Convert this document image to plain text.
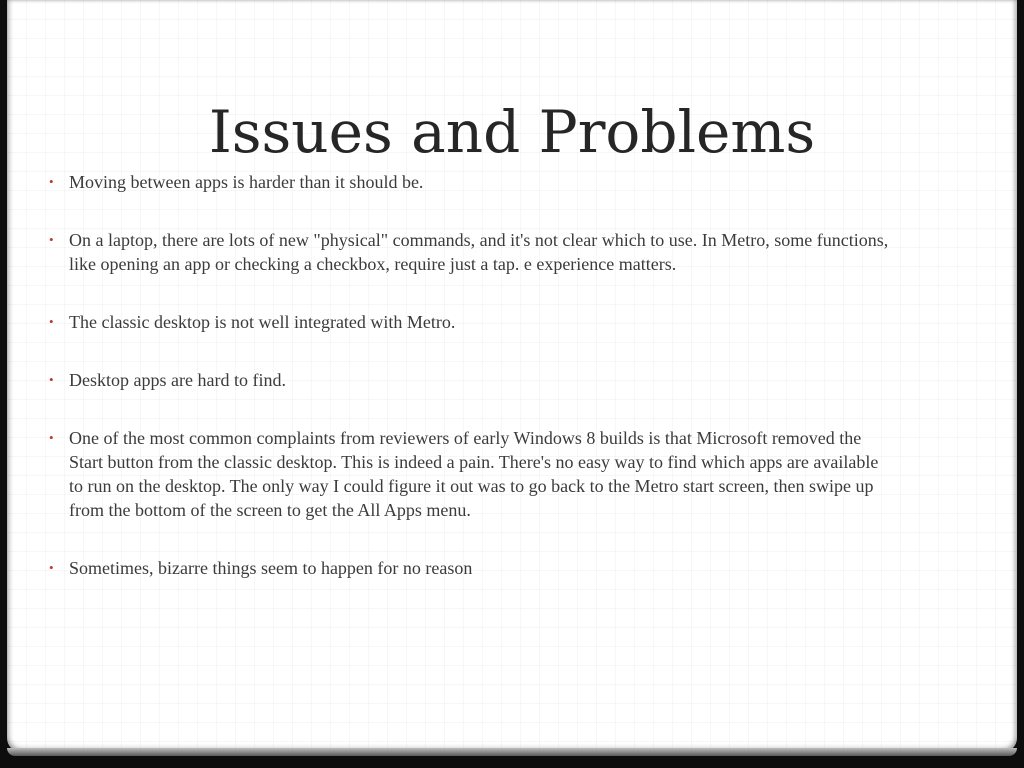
Issues and Problems
• Moving between apps is harder than it should be.
• On a laptop, there are lots of new "physical" commands, and it's not clear which to use. In Metro, some functions, like opening an app or checking a checkbox, require just a tap. e experience matters.
• The classic desktop is not well integrated with Metro.
• Desktop apps are hard to find.
• One of the most common complaints from reviewers of early Windows 8 builds is that Microsoft removed the Start button from the classic desktop. This is indeed a pain. There's no easy way to find which apps are available to run on the desktop. The only way I could figure it out was to go back to the Metro start screen, then swipe up from the bottom of the screen to get the All Apps menu.
• Sometimes, bizarre things seem to happen for no reason
